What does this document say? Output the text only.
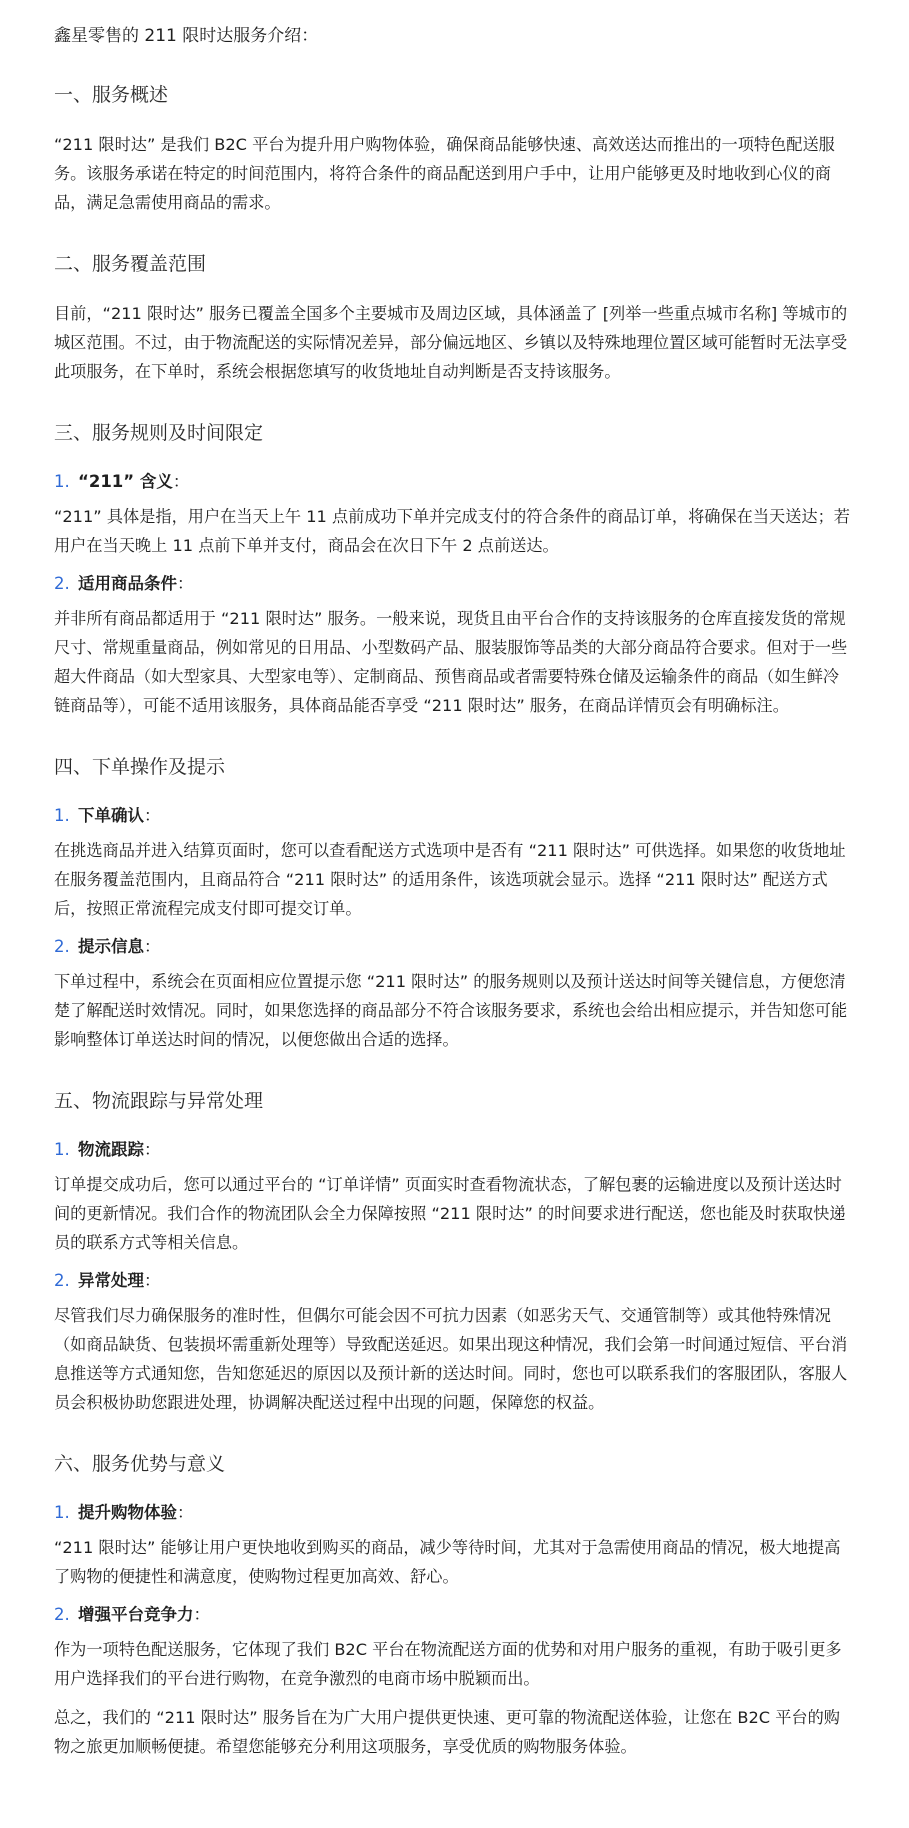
鑫星零售的 211 限时达服务介绍：
一、服务概述

“211 限时达” 是我们 B2C 平台为提升用户购物体验，确保商品能够快速、高效送达而推出的一项特色配送服务。该服务承诺在特定的时间范围内，将符合条件的商品配送到用户手中，让用户能够更及时地收到心仪的商品，满足急需使用商品的需求。

二、服务覆盖范围

目前，“211 限时达” 服务已覆盖全国多个主要城市及周边区域，具体涵盖了 [列举一些重点城市名称] 等城市的城区范围。不过，由于物流配送的实际情况差异，部分偏远地区、乡镇以及特殊地理位置区域可能暂时无法享受此项服务，在下单时，系统会根据您填写的收货地址自动判断是否支持该服务。

三、服务规则及时间限定
1. “211” 含义：

“211” 具体是指，用户在当天上午 11 点前成功下单并完成支付的符合条件的商品订单，将确保在当天送达；若用户在当天晚上 11 点前下单并支付，商品会在次日下午 2 点前送达。

2. 适用商品条件：

并非所有商品都适用于 “211 限时达” 服务。一般来说，现货且由平台合作的支持该服务的仓库直接发货的常规尺寸、常规重量商品，例如常见的日用品、小型数码产品、服装服饰等品类的大部分商品符合要求。但对于一些超大件商品（如大型家具、大型家电等）、定制商品、预售商品或者需要特殊仓储及运输条件的商品（如生鲜冷链商品等），可能不适用该服务，具体商品能否享受 “211 限时达” 服务，在商品详情页会有明确标注。

四、下单操作及提示
1. 下单确认：

在挑选商品并进入结算页面时，您可以查看配送方式选项中是否有 “211 限时达” 可供选择。如果您的收货地址在服务覆盖范围内，且商品符合 “211 限时达” 的适用条件，该选项就会显示。选择 “211 限时达” 配送方式后，按照正常流程完成支付即可提交订单。

2. 提示信息：

下单过程中，系统会在页面相应位置提示您 “211 限时达” 的服务规则以及预计送达时间等关键信息，方便您清楚了解配送时效情况。同时，如果您选择的商品部分不符合该服务要求，系统也会给出相应提示，并告知您可能影响整体订单送达时间的情况，以便您做出合适的选择。

五、物流跟踪与异常处理
1. 物流跟踪：

订单提交成功后，您可以通过平台的 “订单详情” 页面实时查看物流状态，了解包裹的运输进度以及预计送达时间的更新情况。我们合作的物流团队会全力保障按照 “211 限时达” 的时间要求进行配送，您也能及时获取快递员的联系方式等相关信息。

2. 异常处理：

尽管我们尽力确保服务的准时性，但偶尔可能会因不可抗力因素（如恶劣天气、交通管制等）或其他特殊情况（如商品缺货、包装损坏需重新处理等）导致配送延迟。如果出现这种情况，我们会第一时间通过短信、平台消息推送等方式通知您，告知您延迟的原因以及预计新的送达时间。同时，您也可以联系我们的客服团队，客服人员会积极协助您跟进处理，协调解决配送过程中出现的问题，保障您的权益。

六、服务优势与意义
1. 提升购物体验：

“211 限时达” 能够让用户更快地收到购买的商品，减少等待时间，尤其对于急需使用商品的情况，极大地提高了购物的便捷性和满意度，使购物过程更加高效、舒心。

2. 增强平台竞争力：

作为一项特色配送服务，它体现了我们 B2C 平台在物流配送方面的优势和对用户服务的重视，有助于吸引更多用户选择我们的平台进行购物，在竞争激烈的电商市场中脱颖而出。

总之，我们的 “211 限时达” 服务旨在为广大用户提供更快速、更可靠的物流配送体验，让您在 B2C 平台的购物之旅更加顺畅便捷。希望您能够充分利用这项服务，享受优质的购物服务体验。
